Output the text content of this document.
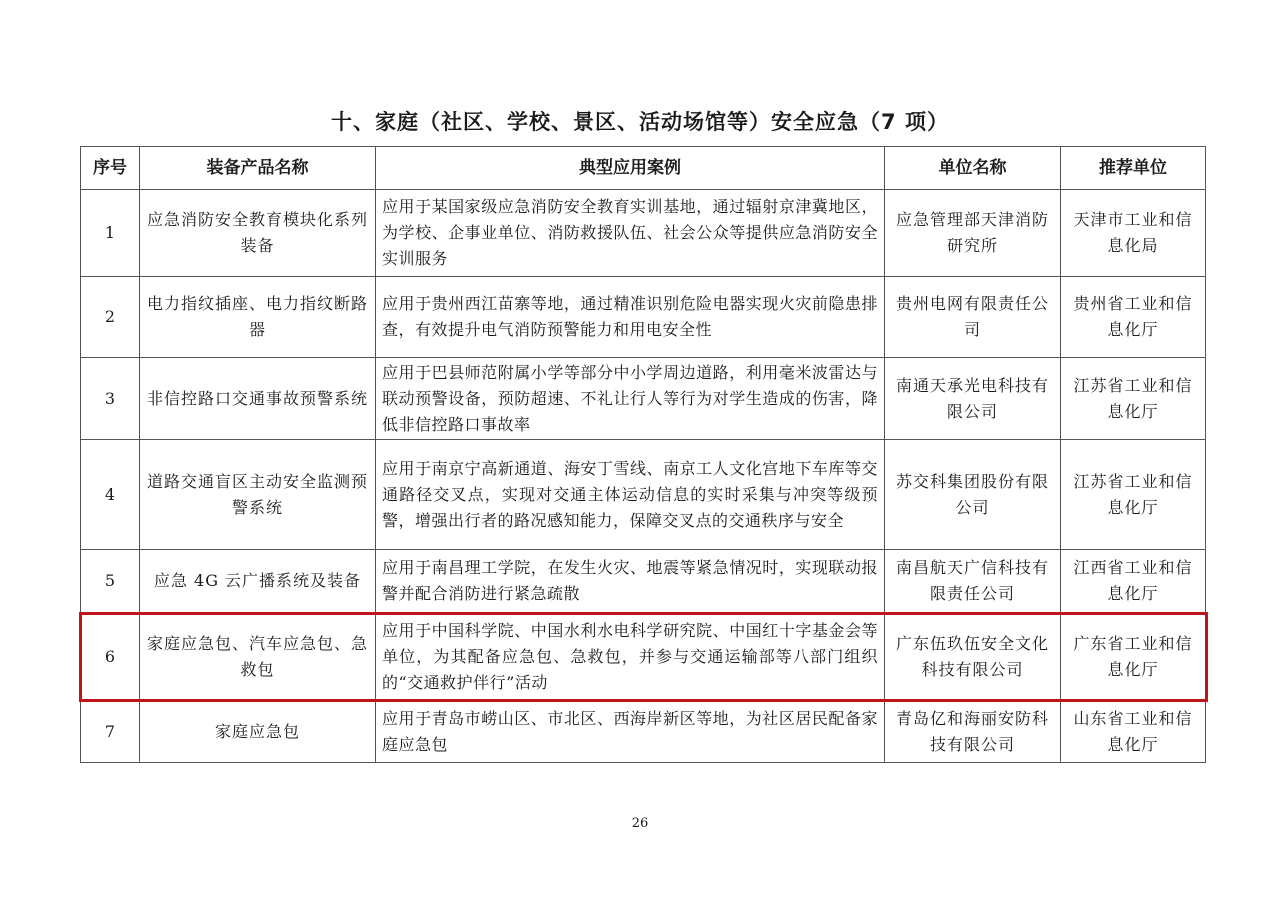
十、家庭（社区、学校、景区、活动场馆等）安全应急（7 项）
序号	装备产品名称	典型应用案例	单位名称	推荐单位
1	应急消防安全教育模块化系列装备	应用于某国家级应急消防安全教育实训基地，通过辐射京津冀地区，为学校、企事业单位、消防救援队伍、社会公众等提供应急消防安全实训服务	应急管理部天津消防研究所	天津市工业和信息化局
2	电力指纹插座、电力指纹断路器	应用于贵州西江苗寨等地，通过精准识别危险电器实现火灾前隐患排查，有效提升电气消防预警能力和用电安全性	贵州电网有限责任公司	贵州省工业和信息化厅
3	非信控路口交通事故预警系统	应用于巴县师范附属小学等部分中小学周边道路，利用毫米波雷达与联动预警设备，预防超速、不礼让行人等行为对学生造成的伤害，降低非信控路口事故率	南通天承光电科技有限公司	江苏省工业和信息化厅
4	道路交通盲区主动安全监测预警系统	应用于南京宁高新通道、海安丁雪线、南京工人文化宫地下车库等交通路径交叉点，实现对交通主体运动信息的实时采集与冲突等级预警，增强出行者的路况感知能力，保障交叉点的交通秩序与安全	苏交科集团股份有限公司	江苏省工业和信息化厅
5	应急 4G 云广播系统及装备	应用于南昌理工学院，在发生火灾、地震等紧急情况时，实现联动报警并配合消防进行紧急疏散	南昌航天广信科技有限责任公司	江西省工业和信息化厅
6	家庭应急包、汽车应急包、急救包	应用于中国科学院、中国水利水电科学研究院、中国红十字基金会等单位，为其配备应急包、急救包，并参与交通运输部等八部门组织的“交通救护伴行”活动	广东伍玖伍安全文化科技有限公司	广东省工业和信息化厅
7	家庭应急包	应用于青岛市崂山区、市北区、西海岸新区等地，为社区居民配备家庭应急包	青岛亿和海丽安防科技有限公司	山东省工业和信息化厅
26
